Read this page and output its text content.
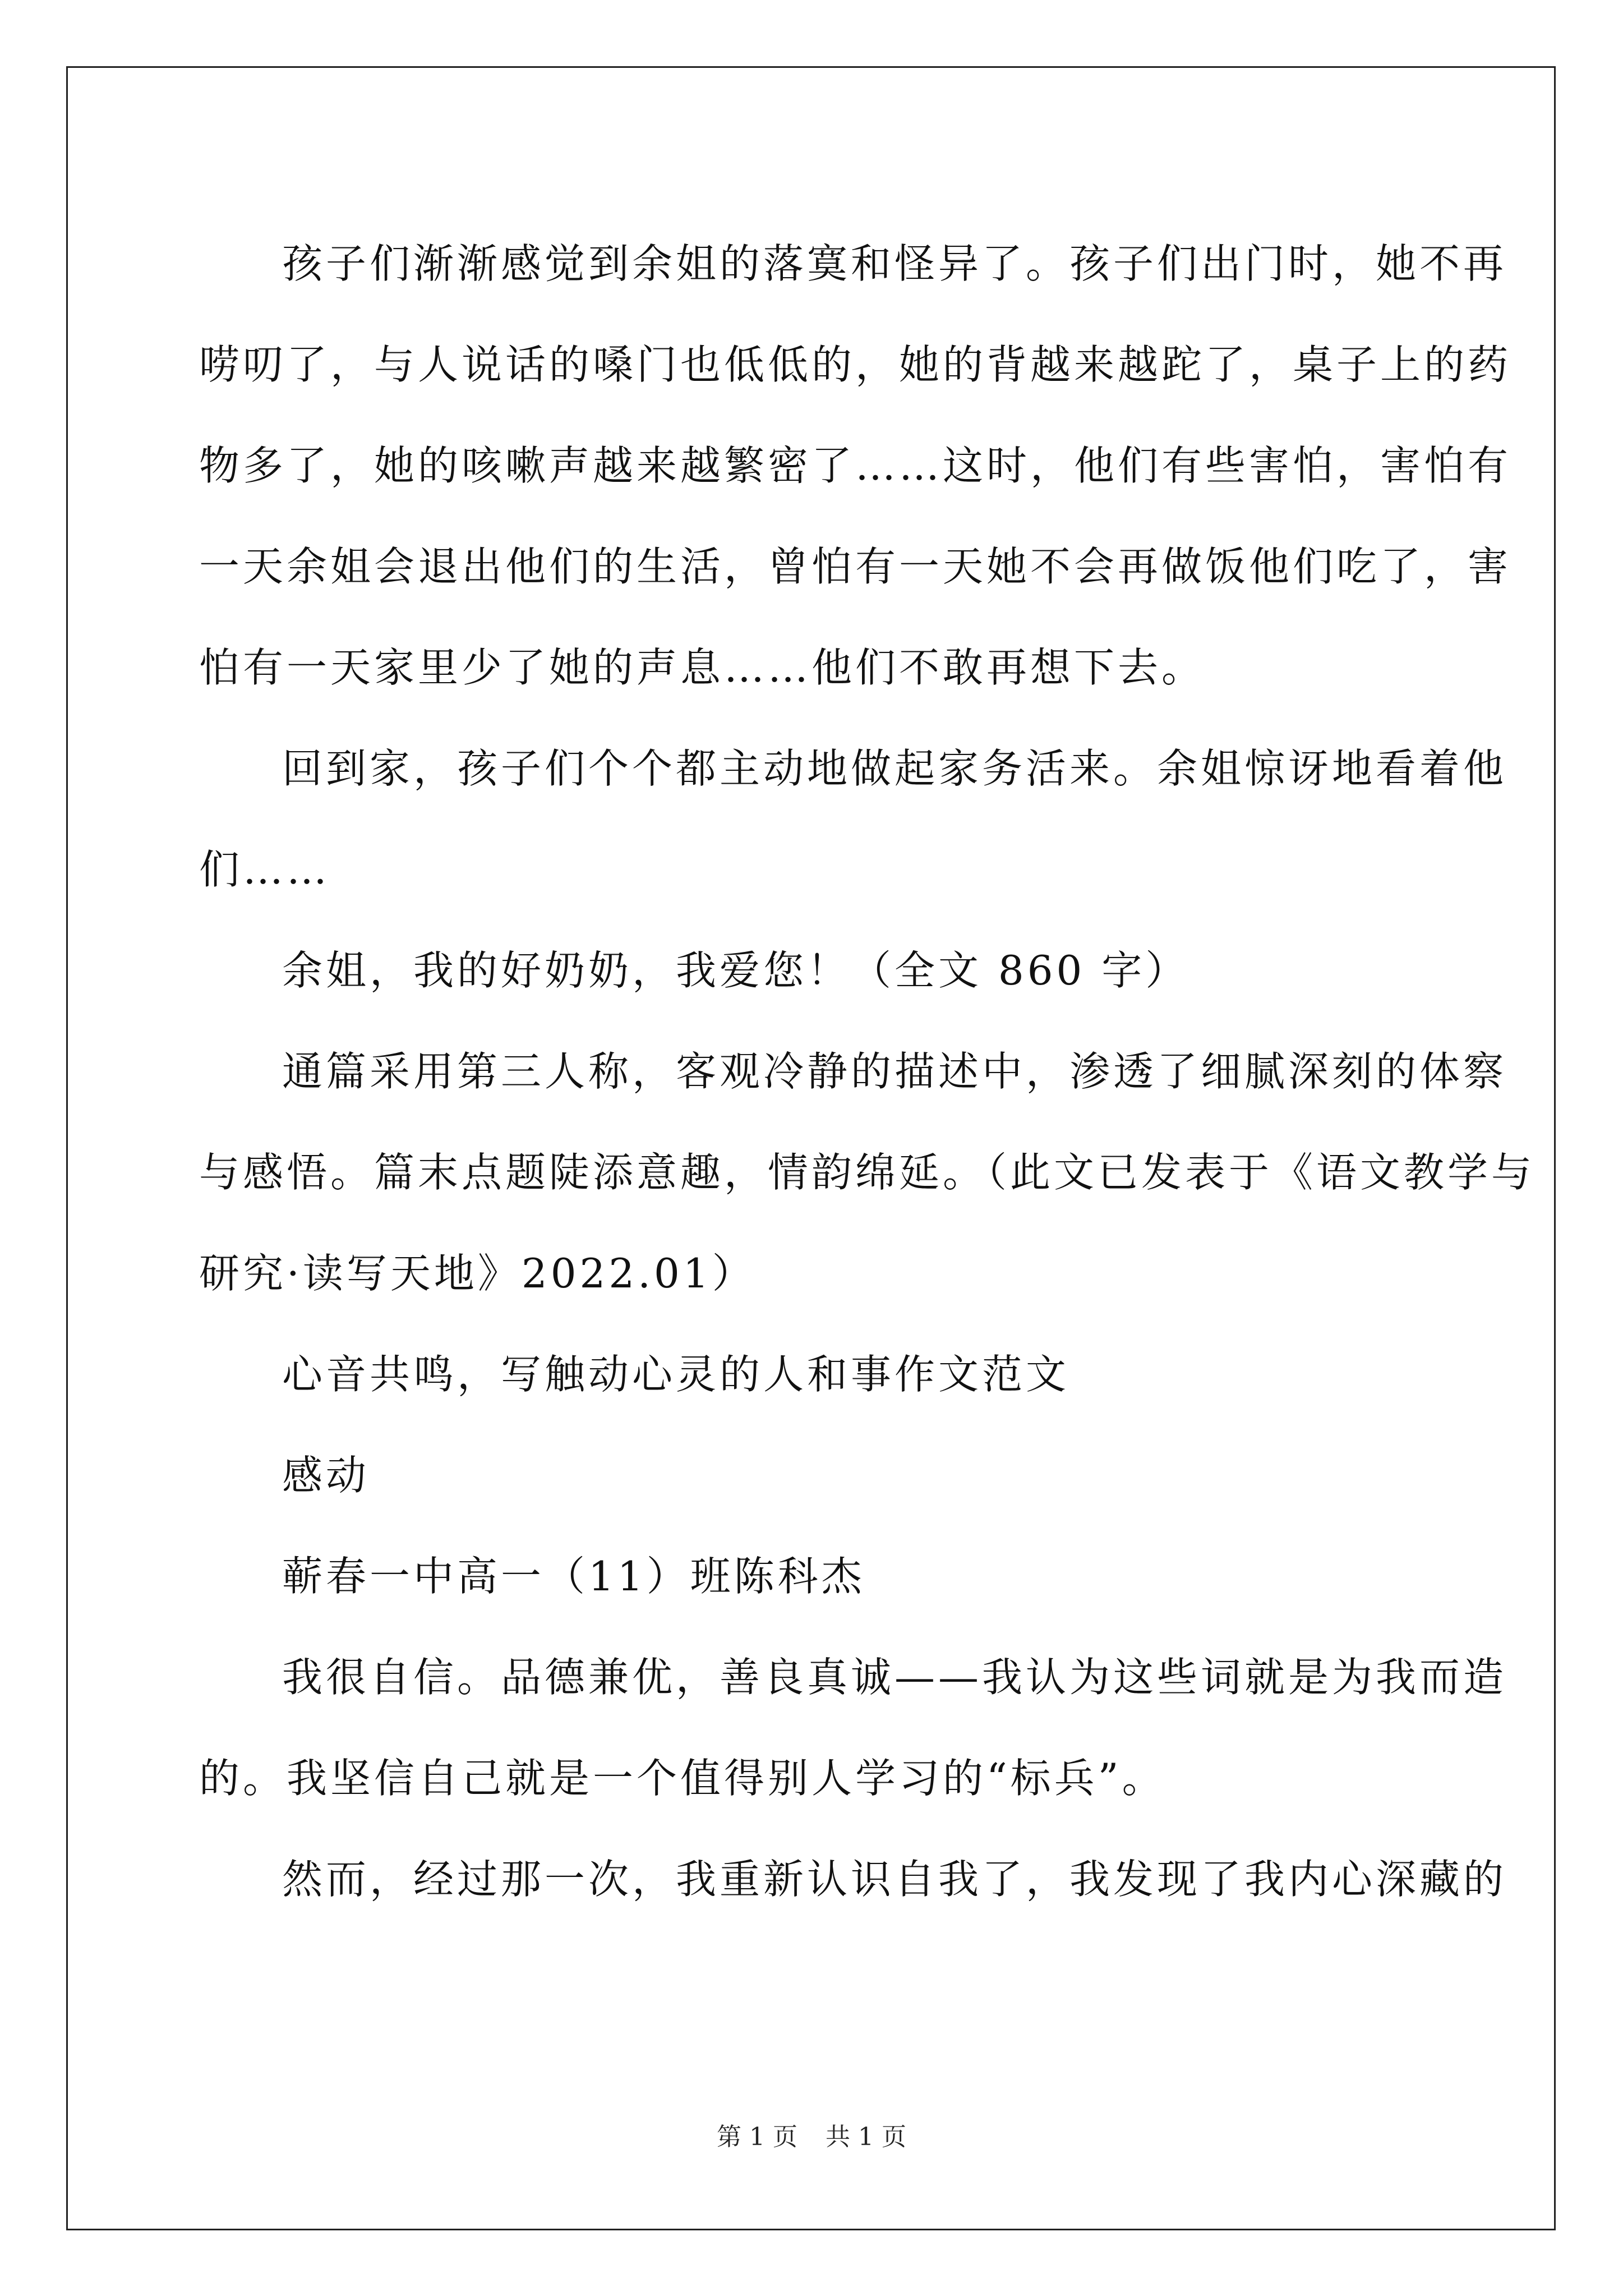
孩子们渐渐感觉到余姐的落寞和怪异了。孩子们出门时，她不再
唠叨了，与人说话的嗓门也低低的，她的背越来越跎了，桌子上的药
物多了，她的咳嗽声越来越繁密了……这时，他们有些害怕，害怕有
一天余姐会退出他们的生活，曾怕有一天她不会再做饭他们吃了，害
怕有一天家里少了她的声息……他们不敢再想下去。
回到家，孩子们个个都主动地做起家务活来。余姐惊讶地看着他
们……
余姐，我的好奶奶，我爱您！（全文 860 字）
通篇采用第三人称，客观冷静的描述中，渗透了细腻深刻的体察
与感悟。篇末点题陡添意趣，情韵绵延。（此文已发表于《语文教学与
研究·读写天地》2022.01）
心音共鸣，写触动心灵的人和事作文范文
感动
蕲春一中高一（11）班陈科杰
我很自信。品德兼优，善良真诚——我认为这些词就是为我而造
的。我坚信自己就是一个值得别人学习的“标兵”。
然而，经过那一次，我重新认识自我了，我发现了我内心深藏的
第 1 页 共 1 页
